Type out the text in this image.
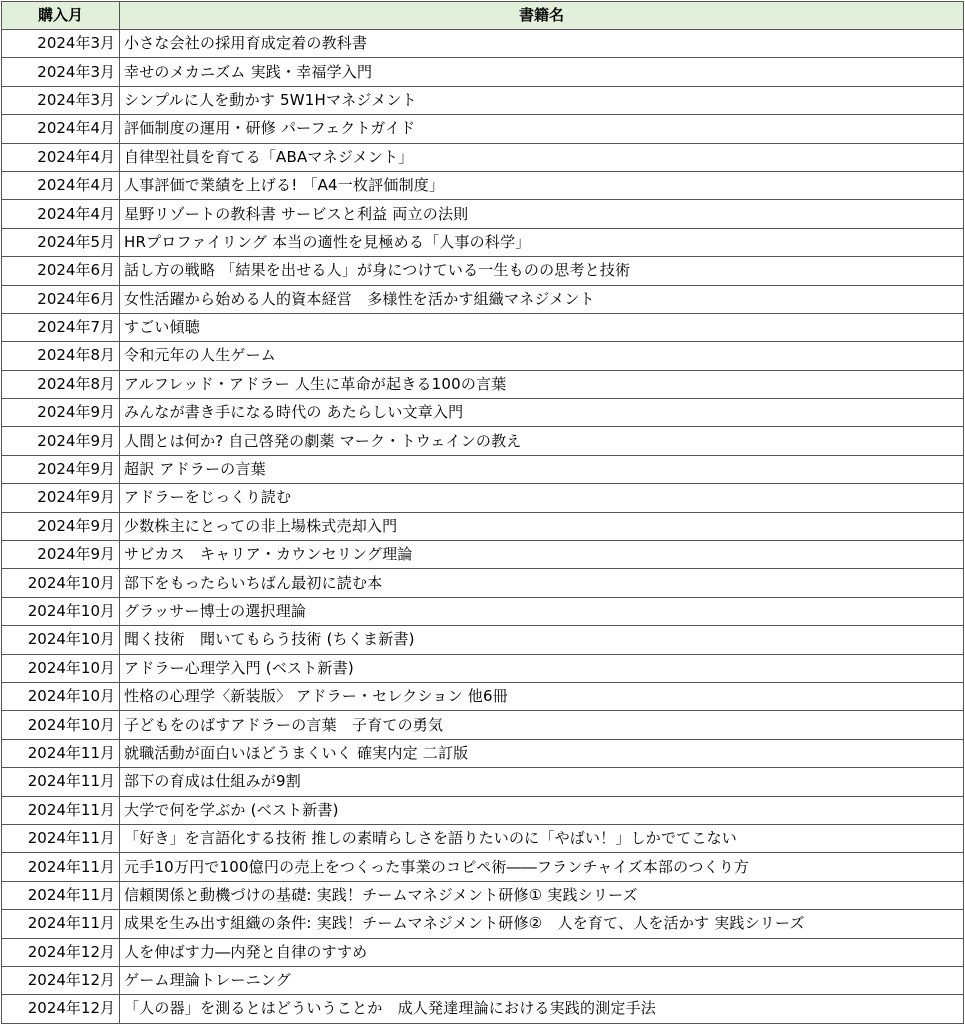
購入月	書籍名
2024年3月	小さな会社の採用育成定着の教科書
2024年3月	幸せのメカニズム 実践・幸福学入門
2024年3月	シンプルに人を動かす 5W1Hマネジメント
2024年4月	評価制度の運用・研修 パーフェクトガイド
2024年4月	自律型社員を育てる「ABAマネジメント」
2024年4月	人事評価で業績を上げる! 「A4一枚評価制度」
2024年4月	星野リゾートの教科書 サービスと利益 両立の法則
2024年5月	HRプロファイリング 本当の適性を見極める「人事の科学」
2024年6月	話し方の戦略 「結果を出せる人」が身につけている一生ものの思考と技術
2024年6月	女性活躍から始める人的資本経営　多様性を活かす組織マネジメント
2024年7月	すごい傾聴
2024年8月	令和元年の人生ゲーム
2024年8月	アルフレッド・アドラー 人生に革命が起きる100の言葉
2024年9月	みんなが書き手になる時代の あたらしい文章入門
2024年9月	人間とは何か? 自己啓発の劇薬 マーク・トウェインの教え
2024年9月	超訳 アドラーの言葉
2024年9月	アドラーをじっくり読む
2024年9月	少数株主にとっての非上場株式売却入門
2024年9月	サビカス　キャリア・カウンセリング理論
2024年10月	部下をもったらいちばん最初に読む本
2024年10月	グラッサー博士の選択理論
2024年10月	聞く技術　聞いてもらう技術 (ちくま新書)
2024年10月	アドラー心理学入門 (ベスト新書)
2024年10月	性格の心理学〈新装版〉 アドラー・セレクション 他6冊
2024年10月	子どもをのばすアドラーの言葉　子育ての勇気
2024年11月	就職活動が面白いほどうまくいく 確実内定 二訂版
2024年11月	部下の育成は仕組みが9割
2024年11月	大学で何を学ぶか (ベスト新書)
2024年11月	「好き」を言語化する技術 推しの素晴らしさを語りたいのに「やばい！」しかでてこない
2024年11月	元手10万円で100億円の売上をつくった事業のコピペ術――フランチャイズ本部のつくり方
2024年11月	信頼関係と動機づけの基礎: 実践！チームマネジメント研修① 実践シリーズ
2024年11月	成果を生み出す組織の条件: 実践！チームマネジメント研修②　人を育て、人を活かす 実践シリーズ
2024年12月	人を伸ばす力―内発と自律のすすめ
2024年12月	ゲーム理論トレーニング
2024年12月	「人の器」を測るとはどういうことか　成人発達理論における実践的測定手法
